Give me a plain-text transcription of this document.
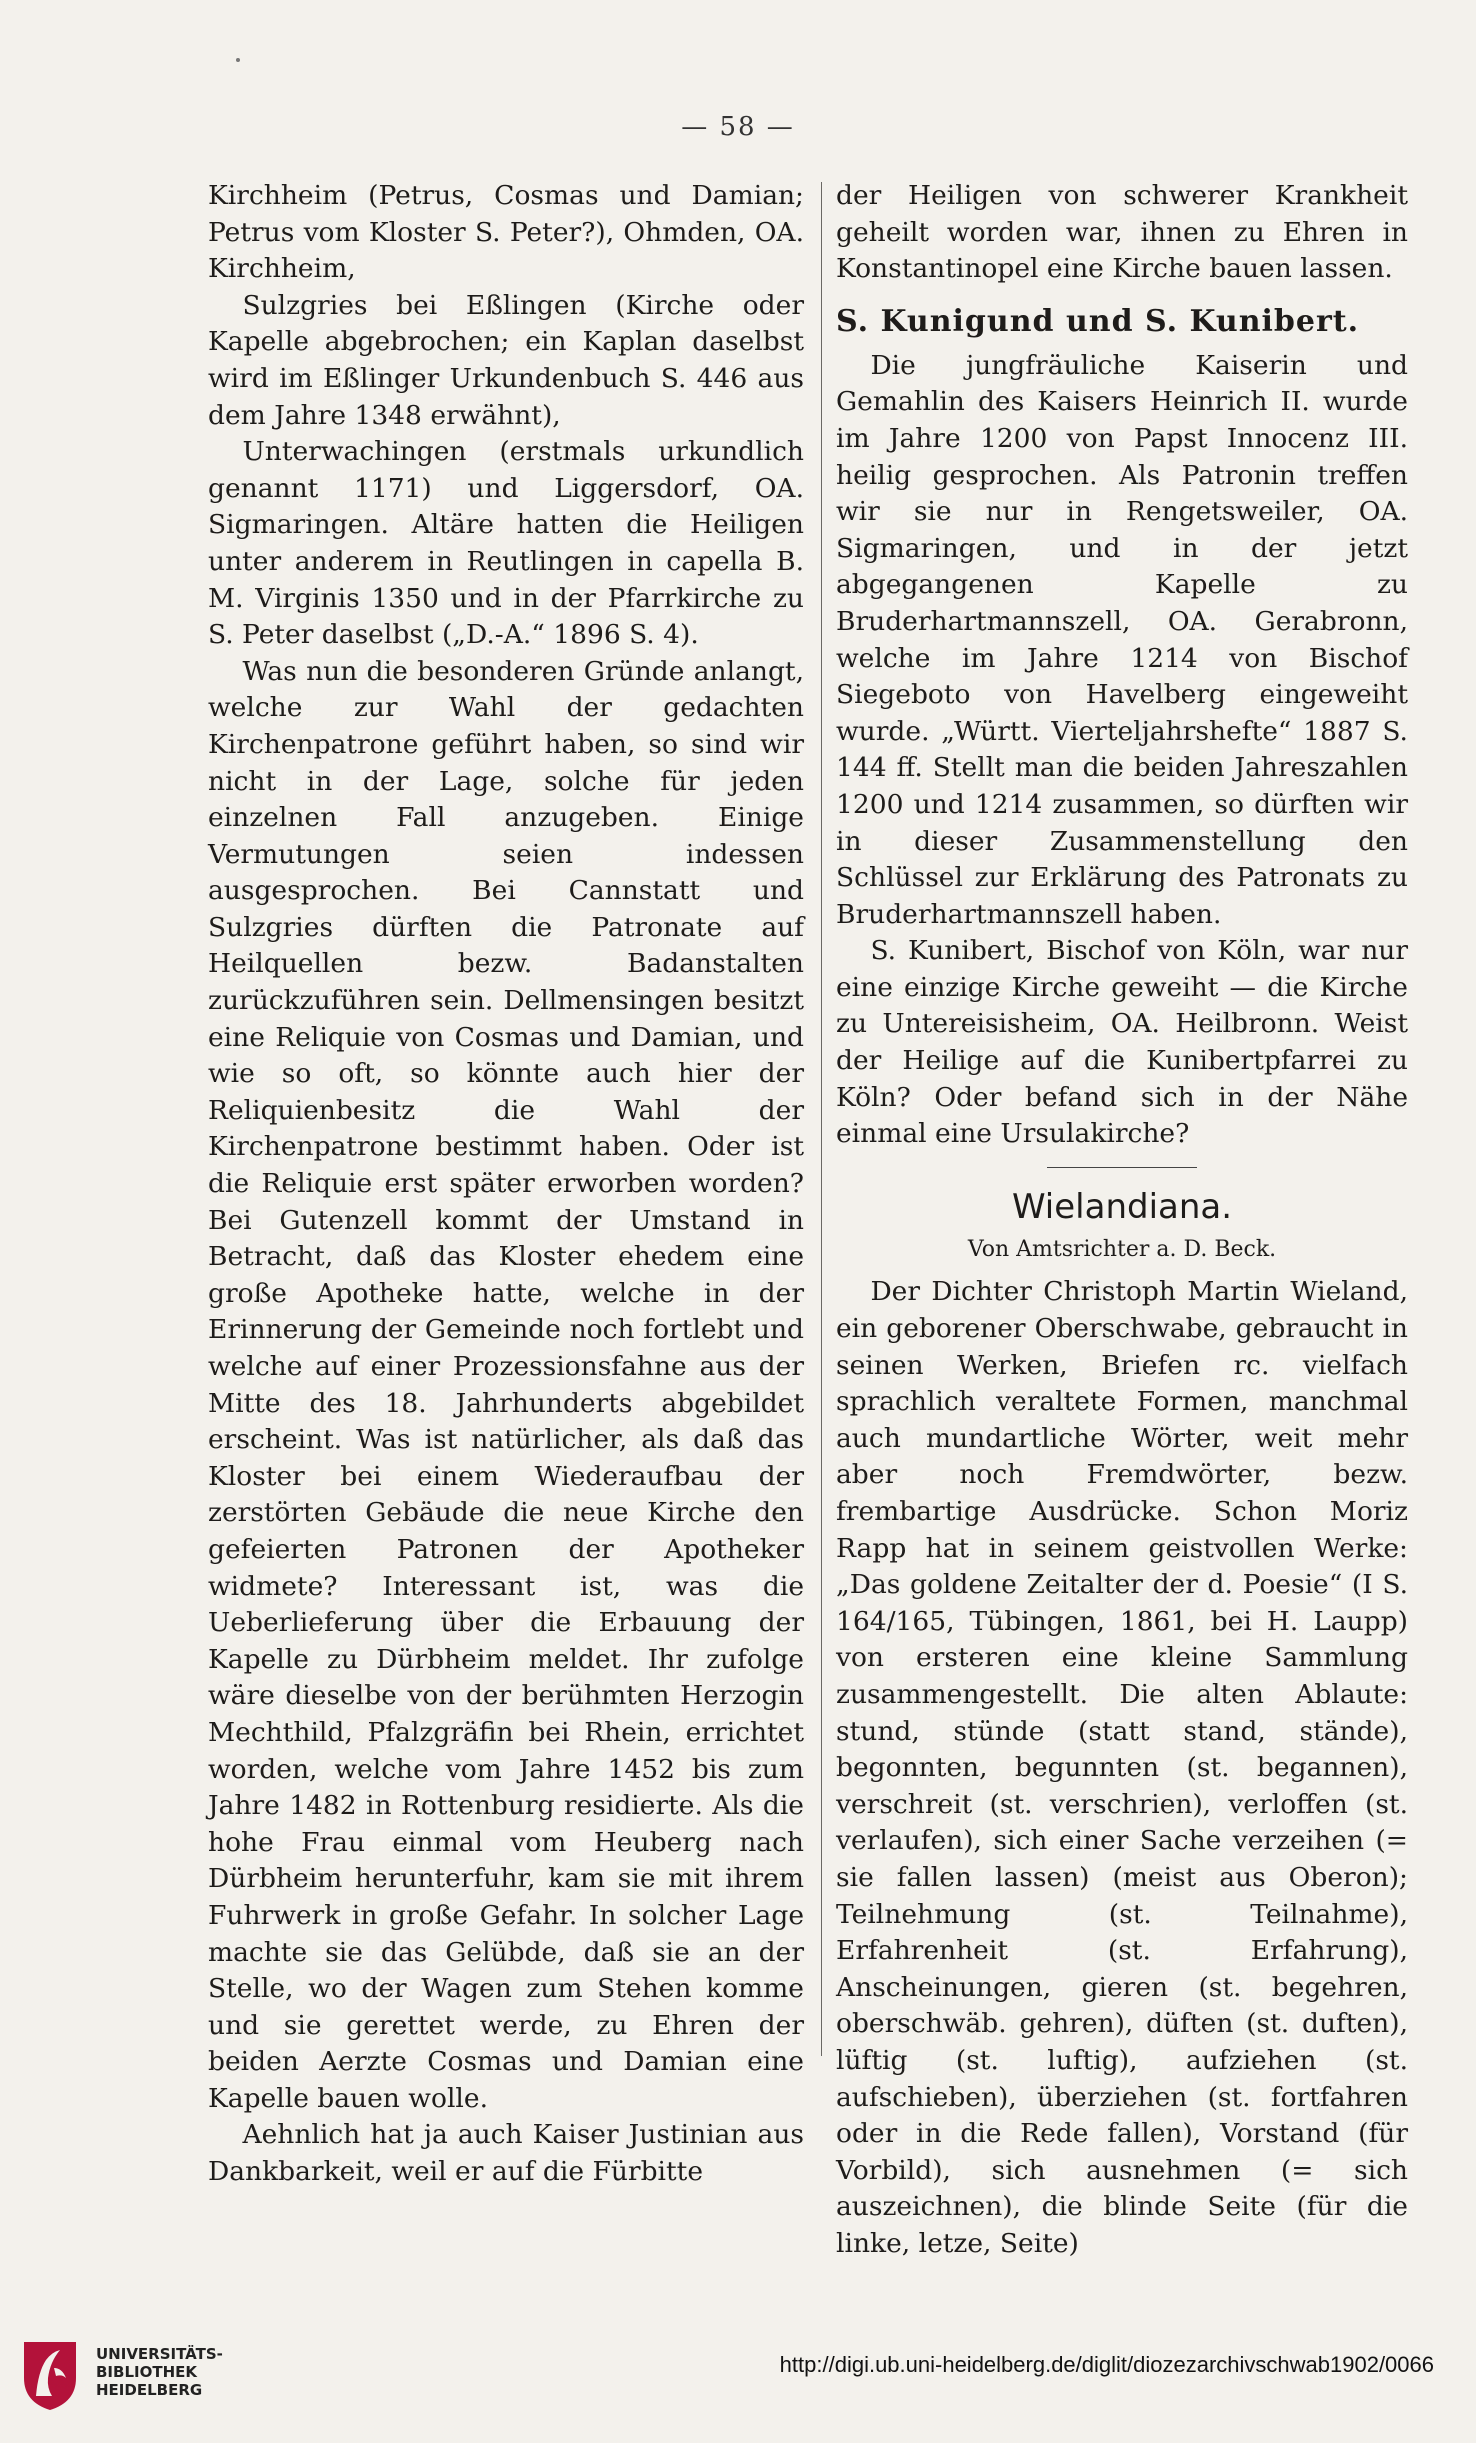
— 58 —

Kirchheim (Petrus, Cosmas und Damian; Petrus vom Kloster S. Peter?), Ohmden, OA. Kirchheim,

Sulzgries bei Eßlingen (Kirche oder Kapelle abgebrochen; ein Kaplan daselbst wird im Eßlinger Urkundenbuch S. 446 aus dem Jahre 1348 erwähnt),

Unterwachingen (erstmals urkundlich genannt 1171) und Liggersdorf, OA. Sigmaringen. Altäre hatten die Heiligen unter anderem in Reutlingen in capella B. M. Virginis 1350 und in der Pfarrkirche zu S. Peter daselbst („D.-A.“ 1896 S. 4).

Was nun die besonderen Gründe anlangt, welche zur Wahl der gedachten Kirchenpatrone geführt haben, so sind wir nicht in der Lage, solche für jeden einzelnen Fall anzugeben. Einige Vermutungen seien indessen ausgesprochen. Bei Cannstatt und Sulzgries dürften die Patronate auf Heilquellen bezw. Badanstalten zurückzuführen sein. Dellmensingen besitzt eine Reliquie von Cosmas und Damian, und wie so oft, so könnte auch hier der Reliquienbesitz die Wahl der Kirchenpatrone bestimmt haben. Oder ist die Reliquie erst später erworben worden? Bei Gutenzell kommt der Umstand in Betracht, daß das Kloster ehedem eine große Apotheke hatte, welche in der Erinnerung der Gemeinde noch fortlebt und welche auf einer Prozessionsfahne aus der Mitte des 18. Jahrhunderts abgebildet erscheint. Was ist natürlicher, als daß das Kloster bei einem Wiederaufbau der zerstörten Gebäude die neue Kirche den gefeierten Patronen der Apotheker widmete? Interessant ist, was die Ueberlieferung über die Erbauung der Kapelle zu Dürbheim meldet. Ihr zufolge wäre dieselbe von der berühmten Herzogin Mechthild, Pfalzgräfin bei Rhein, errichtet worden, welche vom Jahre 1452 bis zum Jahre 1482 in Rottenburg residierte. Als die hohe Frau einmal vom Heuberg nach Dürbheim herunterfuhr, kam sie mit ihrem Fuhrwerk in große Gefahr. In solcher Lage machte sie das Gelübde, daß sie an der Stelle, wo der Wagen zum Stehen komme und sie gerettet werde, zu Ehren der beiden Aerzte Cosmas und Damian eine Kapelle bauen wolle.

Aehnlich hat ja auch Kaiser Justinian aus Dankbarkeit, weil er auf die Fürbitte

der Heiligen von schwerer Krankheit geheilt worden war, ihnen zu Ehren in Konstantinopel eine Kirche bauen lassen.

S. Kunigund und S. Kunibert.

Die jungfräuliche Kaiserin und Gemahlin des Kaisers Heinrich II. wurde im Jahre 1200 von Papst Innocenz III. heilig gesprochen. Als Patronin treffen wir sie nur in Rengetsweiler, OA. Sigmaringen, und in der jetzt abgegangenen Kapelle zu Bruderhartmannszell, OA. Gerabronn, welche im Jahre 1214 von Bischof Siegeboto von Havelberg eingeweiht wurde. „Württ. Vierteljahrshefte“ 1887 S. 144 ff. Stellt man die beiden Jahreszahlen 1200 und 1214 zusammen, so dürften wir in dieser Zusammenstellung den Schlüssel zur Erklärung des Patronats zu Bruderhartmannszell haben.

S. Kunibert, Bischof von Köln, war nur eine einzige Kirche geweiht — die Kirche zu Untereisisheim, OA. Heilbronn. Weist der Heilige auf die Kunibertpfarrei zu Köln? Oder befand sich in der Nähe einmal eine Ursulakirche?

Wielandiana.

Von Amtsrichter a. D. Beck.

Der Dichter Christoph Martin Wieland, ein geborener Oberschwabe, gebraucht in seinen Werken, Briefen rc. vielfach sprachlich veraltete Formen, manchmal auch mundartliche Wörter, weit mehr aber noch Fremdwörter, bezw. frembartige Ausdrücke. Schon Moriz Rapp hat in seinem geistvollen Werke: „Das goldene Zeitalter der d. Poesie“ (I S. 164/165, Tübingen, 1861, bei H. Laupp) von ersteren eine kleine Sammlung zusammengestellt. Die alten Ablaute: stund, stünde (statt stand, stände), begonnten, begunnten (st. begannen), verschreit (st. verschrien), verloffen (st. verlaufen), sich einer Sache verzeihen (= sie fallen lassen) (meist aus Oberon); Teilnehmung (st. Teilnahme), Erfahrenheit (st. Erfahrung), Anscheinungen, gieren (st. begehren, oberschwäb. gehren), düften (st. duften), lüftig (st. luftig), aufziehen (st. aufschieben), überziehen (st. fortfahren oder in die Rede fallen), Vorstand (für Vorbild), sich ausnehmen (= sich auszeichnen), die blinde Seite (für die linke, letze, Seite)

UNIVERSITÄTS-
BIBLIOTHEK
HEIDELBERG
http://digi.ub.uni-heidelberg.de/diglit/diozezarchivschwab1902/0066
